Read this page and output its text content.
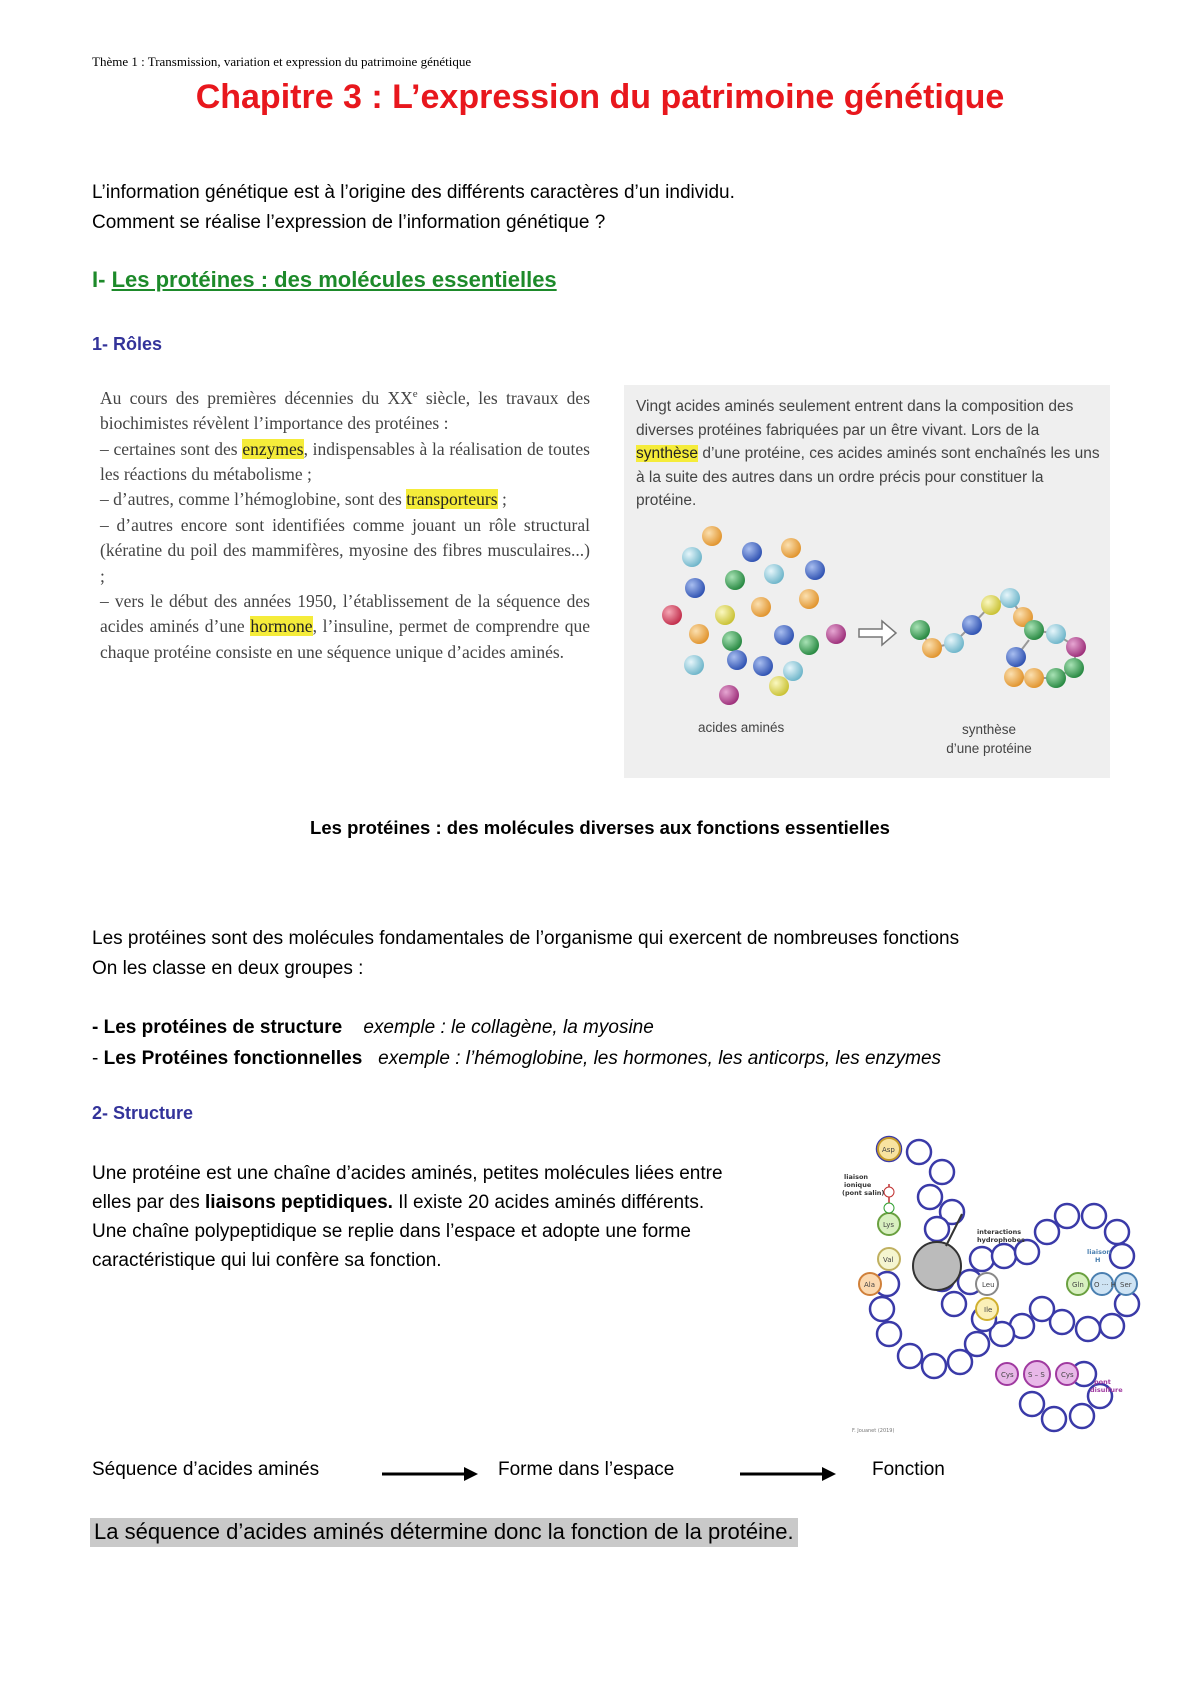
Thème 1 : Transmission, variation et expression du patrimoine génétique
Chapitre 3 : L’expression du patrimoine génétique
L’information génétique est à l’origine des différents caractères d’un individu.
Comment se réalise l’expression de l’information génétique ?
I- Les protéines : des molécules essentielles
1- Rôles
Au cours des premières décennies du XXe siècle, les travaux des biochimistes révèlent l’importance des protéines :
– certaines sont des enzymes, indispensables à la réalisation de toutes les réactions du métabolisme ;
– d’autres, comme l’hémoglobine, sont des transporteurs ;
– d’autres encore sont identifiées comme jouant un rôle structural (kératine du poil des mammifères, myosine des fibres musculaires...) ;
– vers le début des années 1950, l’établissement de la séquence des acides aminés d’une hormone, l’insuline, permet de comprendre que chaque protéine consiste en une séquence unique d’acides aminés.
Vingt acides aminés seulement entrent dans la composition des diverses protéines fabriquées par un être vivant. Lors de la synthèse d’une protéine, ces acides aminés sont enchaînés les uns à la suite des autres dans un ordre précis pour constituer la protéine.
acides aminés	synthèse
d’une protéine
Les protéines : des molécules diverses aux fonctions essentielles
Les protéines sont des molécules fondamentales de l’organisme qui exercent de nombreuses fonctions
On les classe en deux groupes :
- Les protéines de structure exemple : le collagène, la myosine
- Les Protéines fonctionnelles exemple : l’hémoglobine, les hormones, les anticorps, les enzymes
2- Structure
Une protéine est une chaîne d’acides aminés, petites molécules liées entre
elles par des liaisons peptidiques. Il existe 20 acides aminés différents.
Une chaîne polypeptidique se replie dans l’espace et adopte une forme
caractéristique qui lui confère sa fonction.
Asp
Lys
Val
Ala	Leu
Ile
Gln O ··· H Ser
Cys S – S Cys
liaison
ionique
(pont salin)
interactions
hydrophobes
liaison
H
pont
disulfure
F. Jouanet (2019)
Séquence d’acides aminés	Forme dans l’espace	Fonction
La séquence d’acides aminés détermine donc la fonction de la protéine.
